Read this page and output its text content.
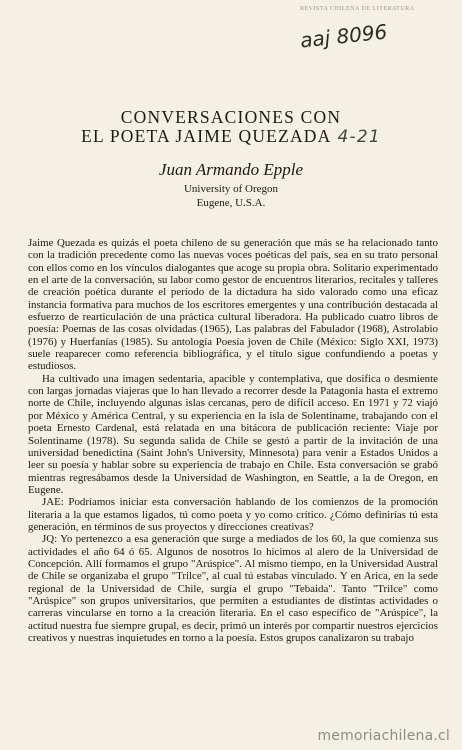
REVISTA CHILENA DE LITERATURA
aaj 8096
CONVERSACIONES CON
EL POETA JAIME QUEZADA 4-21
Juan Armando Epple
University of Oregon
Eugene, U.S.A.

Jaime Quezada es quizás el poeta chileno de su generación que más se ha relacionado tanto con la tradición precedente como las nuevas voces poéticas del país, sea en su trato personal con ellos como en los vínculos dialogantes que acoge su propia obra. Solitario experimentado en el arte de la conversación, su labor como gestor de encuentros literarios, recitales y talleres de creación poética durante el período de la dictadura ha sido valorado como una eficaz instancia formativa para muchos de los escritores emergentes y una contribución destacada al esfuerzo de rearticulación de una práctica cultural liberadora. Ha publicado cuatro libros de poesía: Poemas de las cosas olvidadas (1965), Las palabras del Fabulador (1968), Astrolabio (1976) y Huerfanías (1985). Su antología Poesía joven de Chile (México: Siglo XXI, 1973) suele reaparecer como referencia bibliográfica, y el título sigue confundiendo a poetas y estudiosos.

Ha cultivado una imagen sedentaria, apacible y contemplativa, que dosifica o desmiente con largas jornadas viajeras que lo han llevado a recorrer desde la Patagonia hasta el extremo norte de Chile, incluyendo algunas islas cercanas, pero de difícil acceso. En 1971 y 72 viajó por México y América Central, y su experiencia en la isla de Solentiname, trabajando con el poeta Ernesto Cardenal, está relatada en una bitácora de publicación reciente: Viaje por Solentiname (1978). Su segunda salida de Chile se gestó a partir de la invitación de una universidad benedictina (Saint John's University, Minnesota) para venir a Estados Unidos a leer su poesía y hablar sobre su experiencia de trabajo en Chile. Esta conversación se grabó mientras regresábamos desde la Universidad de Washington, en Seattle, a la de Oregon, en Eugene.

JAE: Podríamos iniciar esta conversación hablando de los comienzos de la promoción literaria a la que estamos ligados, tú como poeta y yo como crítico. ¿Cómo definirías tú esta generación, en términos de sus proyectos y direcciones creativas?

JQ: Yo pertenezco a esa generación que surge a mediados de los 60, la que comienza sus actividades el año 64 ó 65. Algunos de nosotros lo hicimos al alero de la Universidad de Concepción. Allí formamos el grupo "Arúspice". Al mismo tiempo, en la Universidad Austral de Chile se organizaba el grupo "Trilce", al cual tú estabas vinculado. Y en Arica, en la sede regional de la Universidad de Chile, surgía el grupo "Tebaida". Tanto "Trilce" como "Arúspice" son grupos universitarios, que permiten a estudiantes de distintas actividades o carreras vincularse en torno a la creación literaria. En el caso específico de "Arúspice", la actitud nuestra fue siempre grupal, es decir, primó un interés por compartir nuestros ejercicios creativos y nuestras inquietudes en torno a la poesía. Estos grupos canalizaron su trabajo

memoriachilena.cl
